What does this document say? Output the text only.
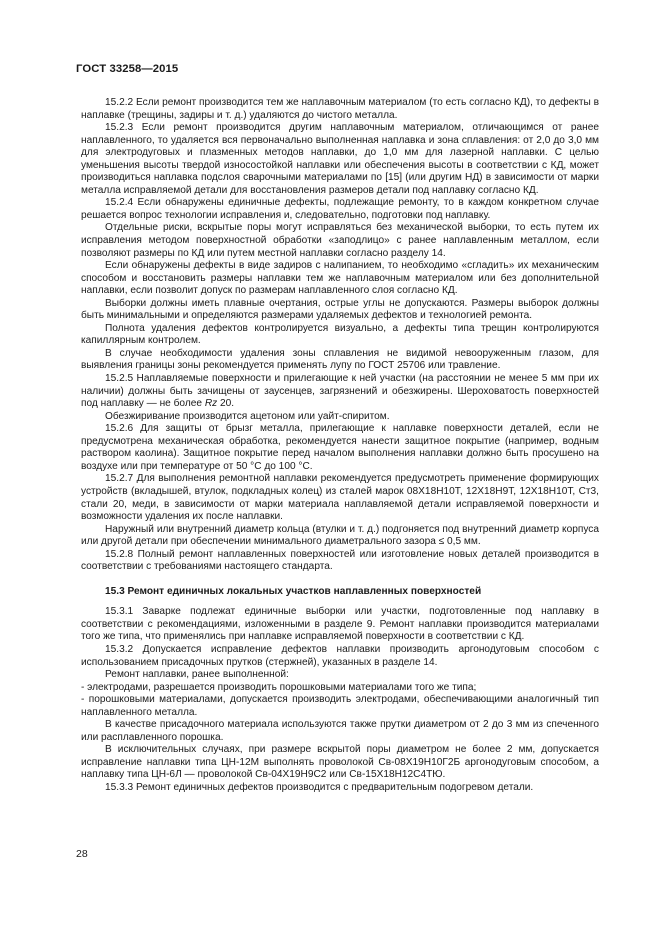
ГОСТ 33258—2015

15.2.2 Если ремонт производится тем же наплавочным материалом (то есть согласно КД), то дефекты в наплавке (трещины, задиры и т. д.) удаляются до чистого металла.

15.2.3 Если ремонт производится другим наплавочным материалом, отличающимся от ранее наплавленного, то удаляется вся первоначально выполненная наплавка и зона сплавления: от 2,0 до 3,0 мм для электродуговых и плазменных методов наплавки, до 1,0 мм для лазерной наплавки. С целью уменьшения высоты твердой износостойкой наплавки или обеспечения высоты в соответствии с КД, может производиться наплавка подслоя сварочными материалами по [15] (или другим НД) в зависимости от марки металла исправляемой детали для восстановления размеров детали под наплавку согласно КД.

15.2.4 Если обнаружены единичные дефекты, подлежащие ремонту, то в каждом конкретном случае решается вопрос технологии исправления и, следовательно, подготовки под наплавку.

Отдельные риски, вскрытые поры могут исправляться без механической выборки, то есть путем их исправления методом поверхностной обработки «заподлицо» с ранее наплавленным металлом, если позволяют размеры по КД или путем местной наплавки согласно разделу 14.

Если обнаружены дефекты в виде задиров с налипанием, то необходимо «сгладить» их механическим способом и восстановить размеры наплавки тем же наплавочным материалом или без дополнительной наплавки, если позволит допуск по размерам наплавленного слоя согласно КД.

Выборки должны иметь плавные очертания, острые углы не допускаются. Размеры выборок должны быть минимальными и определяются размерами удаляемых дефектов и технологией ремонта.

Полнота удаления дефектов контролируется визуально, а дефекты типа трещин контролируются капиллярным контролем.

В случае необходимости удаления зоны сплавления не видимой невооруженным глазом, для выявления границы зоны рекомендуется применять лупу по ГОСТ 25706 или травление.

15.2.5 Наплавляемые поверхности и прилегающие к ней участки (на расстоянии не менее 5 мм при их наличии) должны быть зачищены от заусенцев, загрязнений и обезжирены. Шероховатость поверхностей под наплавку — не более Rz 20.

Обезжиривание производится ацетоном или уайт-спиритом.

15.2.6 Для защиты от брызг металла, прилегающие к наплавке поверхности деталей, если не предусмотрена механическая обработка, рекомендуется нанести защитное покрытие (например, водным раствором каолина). Защитное покрытие перед началом выполнения наплавки должно быть просушено на воздухе или при температуре от 50 °С до 100 °С.

15.2.7 Для выполнения ремонтной наплавки рекомендуется предусмотреть применение формирующих устройств (вкладышей, втулок, подкладных колец) из сталей марок 08Х18Н10Т, 12Х18Н9Т, 12Х18Н10Т, Ст3, стали 20, меди, в зависимости от марки материала наплавляемой детали исправляемой поверхности и возможности удаления их после наплавки.

Наружный или внутренний диаметр кольца (втулки и т. д.) подгоняется под внутренний диаметр корпуса или другой детали при обеспечении минимального диаметрального зазора ≤ 0,5 мм.

15.2.8 Полный ремонт наплавленных поверхностей или изготовление новых деталей производится в соответствии с требованиями настоящего стандарта.

15.3 Ремонт единичных локальных участков наплавленных поверхностей

15.3.1 Заварке подлежат единичные выборки или участки, подготовленные под наплавку в соответствии с рекомендациями, изложенными в разделе 9. Ремонт наплавки производится материалами того же типа, что применялись при наплавке исправляемой поверхности в соответствии с КД.

15.3.2 Допускается исправление дефектов наплавки производить аргонодуговым способом с использованием присадочных прутков (стержней), указанных в разделе 14.

Ремонт наплавки, ранее выполненной:

- электродами, разрешается производить порошковыми материалами того же типа;

- порошковыми материалами, допускается производить электродами, обеспечивающими аналогичный тип наплавленного металла.

В качестве присадочного материала используются также прутки диаметром от 2 до 3 мм из спеченного или расплавленного порошка.

В исключительных случаях, при размере вскрытой поры диаметром не более 2 мм, допускается исправление наплавки типа ЦН-12М выполнять проволокой Св-08Х19Н10Г2Б аргонодуговым способом, а наплавку типа ЦН-6Л — проволокой Св-04Х19Н9С2 или Св-15Х18Н12С4ТЮ.

15.3.3 Ремонт единичных дефектов производится с предварительным подогревом детали.

28
